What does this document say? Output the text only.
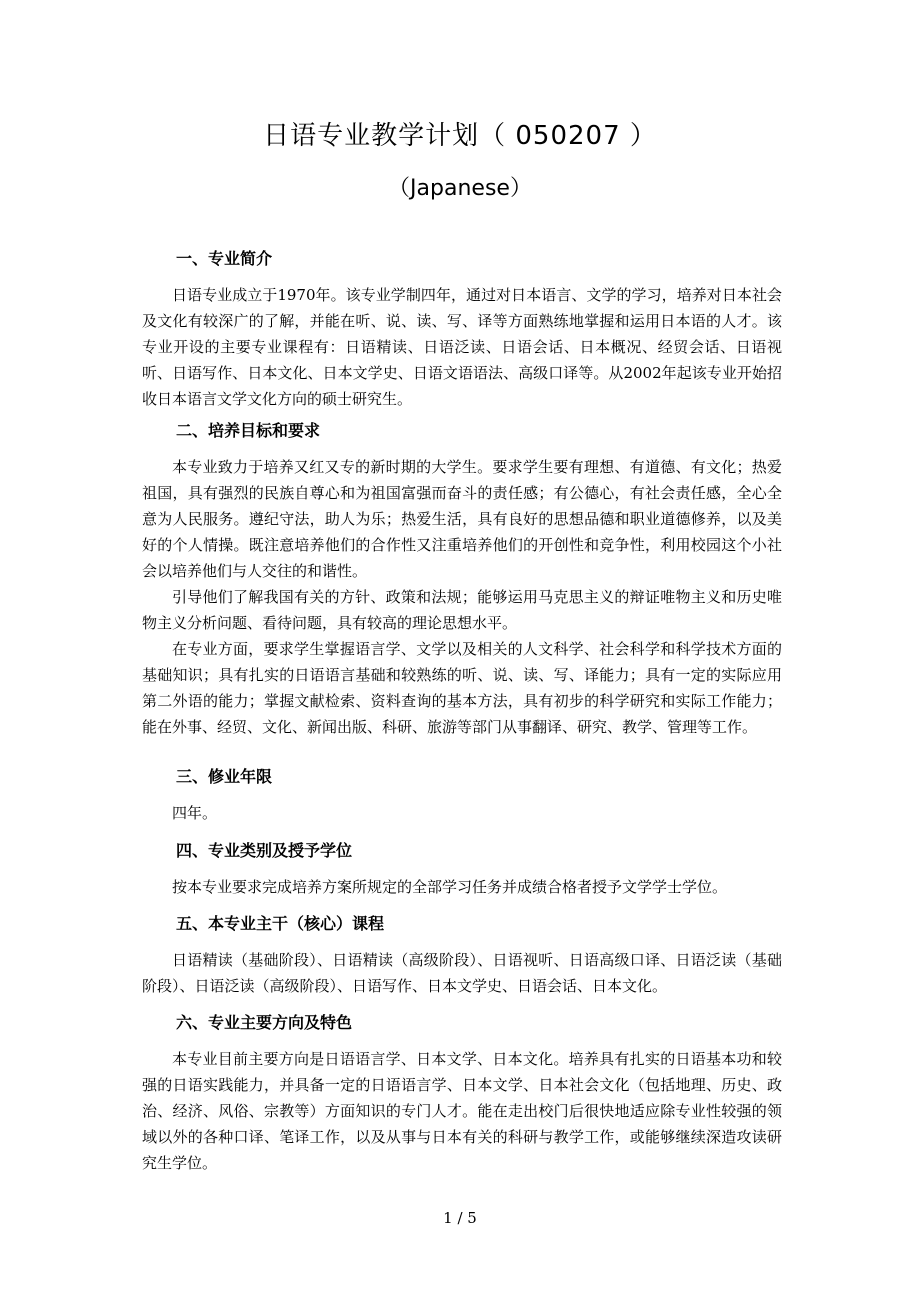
日语专业教学计划（ 050207 ）
（Japanese）
一、专业简介

日语专业成立于1970年。该专业学制四年，通过对日本语言、文学的学习，培养对日本社会及文化有较深广的了解，并能在听、说、读、写、译等方面熟练地掌握和运用日本语的人才。该专业开设的主要专业课程有：日语精读、日语泛读、日语会话、日本概况、经贸会话、日语视听、日语写作、日本文化、日本文学史、日语文语语法、高级口译等。从2002年起该专业开始招收日本语言文学文化方向的硕士研究生。

二、培养目标和要求

本专业致力于培养又红又专的新时期的大学生。要求学生要有理想、有道德、有文化；热爱祖国，具有强烈的民族自尊心和为祖国富强而奋斗的责任感；有公德心，有社会责任感，全心全意为人民服务。遵纪守法，助人为乐；热爱生活，具有良好的思想品德和职业道德修养，以及美好的个人情操。既注意培养他们的合作性又注重培养他们的开创性和竞争性，利用校园这个小社会以培养他们与人交往的和谐性。

引导他们了解我国有关的方针、政策和法规；能够运用马克思主义的辩证唯物主义和历史唯物主义分析问题、看待问题，具有较高的理论思想水平。

在专业方面，要求学生掌握语言学、文学以及相关的人文科学、社会科学和科学技术方面的基础知识；具有扎实的日语语言基础和较熟练的听、说、读、写、译能力；具有一定的实际应用第二外语的能力；掌握文献检索、资料查询的基本方法，具有初步的科学研究和实际工作能力；能在外事、经贸、文化、新闻出版、科研、旅游等部门从事翻译、研究、教学、管理等工作。

三、修业年限

四年。

四、专业类别及授予学位

按本专业要求完成培养方案所规定的全部学习任务并成绩合格者授予文学学士学位。

五、本专业主干（核心）课程

日语精读（基础阶段）、日语精读（高级阶段）、日语视听、日语高级口译、日语泛读（基础阶段）、日语泛读（高级阶段）、日语写作、日本文学史、日语会话、日本文化。

六、专业主要方向及特色

本专业目前主要方向是日语语言学、日本文学、日本文化。培养具有扎实的日语基本功和较强的日语实践能力，并具备一定的日语语言学、日本文学、日本社会文化（包括地理、历史、政治、经济、风俗、宗教等）方面知识的专门人才。能在走出校门后很快地适应除专业性较强的领域以外的各种口译、笔译工作，以及从事与日本有关的科研与教学工作，或能够继续深造攻读研究生学位。

1 / 5
